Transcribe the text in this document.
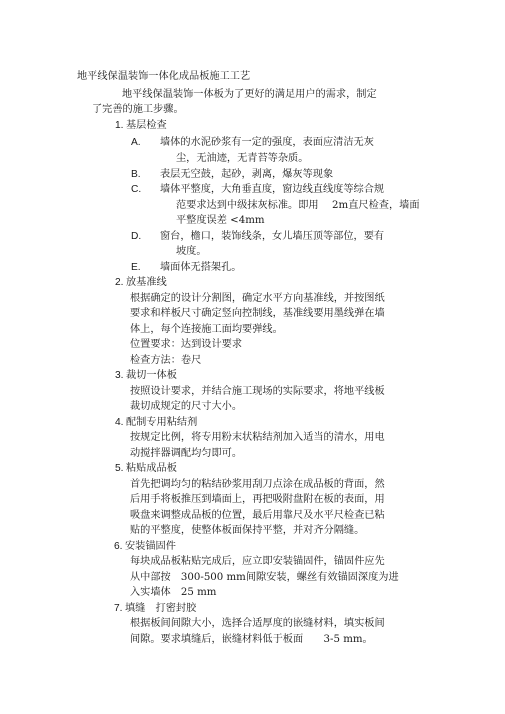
地平线保温装饰一体化成品板施工工艺
地平线保温装饰一体板为了更好的满足用户的需求，制定
了完善的施工步骤。
1. 基层检查
A. 墙体的水泥砂浆有一定的强度，表面应清洁无灰
尘，无油迹，无青苔等杂质。
B. 表层无空鼓，起砂，剥离，爆灰等现象
C. 墙体平整度，大角垂直度，窗边线直线度等综合规
范要求达到中级抹灰标准。即用　 2m直尺检查，墙面
平整度误差 <4mm
D. 窗台，檐口，装饰线条，女儿墙压顶等部位，要有
坡度。
E. 墙面体无搭架孔。
2. 放基准线
根据确定的设计分割图，确定水平方向基准线，并按图纸
要求和样板尺寸确定竖向控制线，基准线要用墨线弹在墙
体上，每个连接施工面均要弹线。
位置要求：达到设计要求
检查方法：卷尺
3. 裁切一体板
按照设计要求，并结合施工现场的实际要求，将地平线板
裁切成规定的尺寸大小。
4. 配制专用粘结剂
按规定比例，将专用粉末状粘结剂加入适当的清水，用电
动搅拌器调配均匀即可。
5. 粘贴成品板
首先把调均匀的粘结砂浆用刮刀点涂在成品板的背面，然
后用手将板推压到墙面上，再把吸附盘附在板的表面，用
吸盘来调整成品板的位置，最后用靠尺及水平尺检查已粘
贴的平整度，使整体板面保持平整，并对齐分隔缝。
6. 安装锚固件
每块成品板粘贴完成后，应立即安装锚固件，锚固件应先
从中部按　300-500 mm间隙安装，螺丝有效锚固深度为进
入实墙体　25 mm
7. 填缝　打密封胶
根据板间间隙大小，选择合适厚度的嵌缝材料，填实板间
间隙。要求填缝后，嵌缝材料低于板面　　3-5 mm。
